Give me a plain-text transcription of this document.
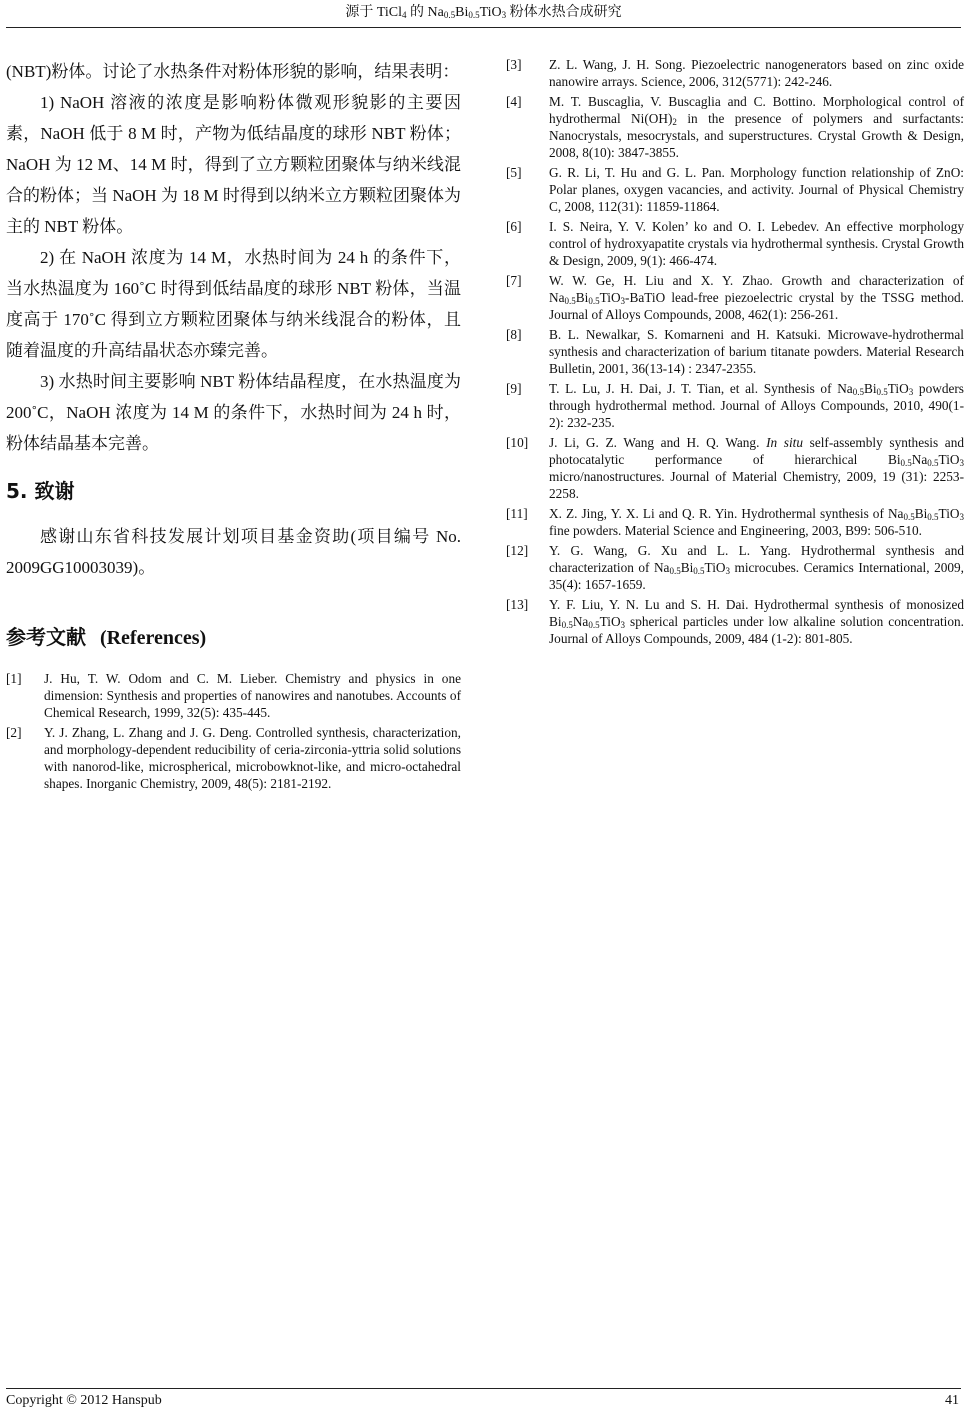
源于 TiCl$_4$ 的 $Na_{0.5}Bi_{0.5}TiO_3$ 粉体水热合成研究

(NBT)粉体。讨论了水热条件对粉体形貌的影响，结果表明：

1) NaOH 溶液的浓度是影响粉体微观形貌影的主要因素，NaOH 低于 8 M 时，产物为低结晶度的球形 NBT 粉体；NaOH 为 12 M、14 M 时，得到了立方颗粒团聚体与纳米线混合的粉体；当 NaOH 为 18 M 时得到以纳米立方颗粒团聚体为主的 NBT 粉体。

2) 在 NaOH 浓度为 14 M，水热时间为 24 h 的条件下，当水热温度为 160˚C 时得到低结晶度的球形 NBT 粉体，当温度高于 170˚C 得到立方颗粒团聚体与纳米线混合的粉体，且随着温度的升高结晶状态亦臻完善。

3) 水热时间主要影响 NBT 粉体结晶程度，在水热温度为 200˚C，NaOH 浓度为 14 M 的条件下，水热时间为 24 h 时，粉体结晶基本完善。

5. 致谢

感谢山东省科技发展计划项目基金资助(项目编号 No. 2009GG10003039)。

参考文献 (References)

[1] J. Hu, T. W. Odom and C. M. Lieber. Chemistry and physics in one dimension: Synthesis and properties of nanowires and nanotubes. Accounts of Chemical Research, 1999, 32(5): 435-445.

[2] Y. J. Zhang, L. Zhang and J. G. Deng. Controlled synthesis, characterization, and morphology-dependent reducibility of ceria-zirconia-yttria solid solutions with nanorod-like, microspherical, microbowknot-like, and micro-octahedral shapes. Inorganic Chemistry, 2009, 48(5): 2181-2192.

[3] Z. L. Wang, J. H. Song. Piezoelectric nanogenerators based on zinc oxide nanowire arrays. Science, 2006, 312(5771): 242-246.

[4] M. T. Buscaglia, V. Buscaglia and C. Bottino. Morphological control of hydrothermal $Ni(OH)_2$ in the presence of polymers and surfactants: Nanocrystals, mesocrystals, and superstructures. Crystal Growth & Design, 2008, 8(10): 3847-3855.

[5] G. R. Li, T. Hu and G. L. Pan. Morphology function relationship of ZnO: Polar planes, oxygen vacancies, and activity. Journal of Physical Chemistry C, 2008, 112(31): 11859-11864.

[6] I. S. Neira, Y. V. Kolen’ ko and O. I. Lebedev. An effective morphology control of hydroxyapatite crystals via hydrothermal synthesis. Crystal Growth & Design, 2009, 9(1): 466-474.

[7] W. W. Ge, H. Liu and X. Y. Zhao. Growth and characterization of $Na_{0.5}Bi_{0.5}TiO_3$-BaTiO lead-free piezoelectric crystal by the TSSG method. Journal of Alloys Compounds, 2008, 462(1): 256-261.

[8] B. L. Newalkar, S. Komarneni and H. Katsuki. Microwave-hydrothermal synthesis and characterization of barium titanate powders. Material Research Bulletin, 2001, 36(13-14) : 2347-2355.

[9] T. L. Lu, J. H. Dai, J. T. Tian, et al. Synthesis of $Na_{0.5}Bi_{0.5}TiO_3$ powders through hydrothermal method. Journal of Alloys Compounds, 2010, 490(1-2): 232-235.

[10] J. Li, G. Z. Wang and H. Q. Wang. In situ self-assembly synthesis and photocatalytic performance of hierarchical $Bi_{0.5}Na_{0.5}TiO_3$ micro/nanostructures. Journal of Material Chemistry, 2009, 19 (31): 2253-2258.

[11] X. Z. Jing, Y. X. Li and Q. R. Yin. Hydrothermal synthesis of $Na_{0.5}Bi_{0.5}TiO_3$ fine powders. Material Science and Engineering, 2003, B99: 506-510.

[12] Y. G. Wang, G. Xu and L. L. Yang. Hydrothermal synthesis and characterization of $Na_{0.5}Bi_{0.5}TiO_3$ microcubes. Ceramics International, 2009, 35(4): 1657-1659.

[13] Y. F. Liu, Y. N. Lu and S. H. Dai. Hydrothermal synthesis of monosized $Bi_{0.5}Na_{0.5}TiO_3$ spherical particles under low alkaline solution concentration. Journal of Alloys Compounds, 2009, 484 (1-2): 801-805.

Copyright © 2012 Hanspub	41
